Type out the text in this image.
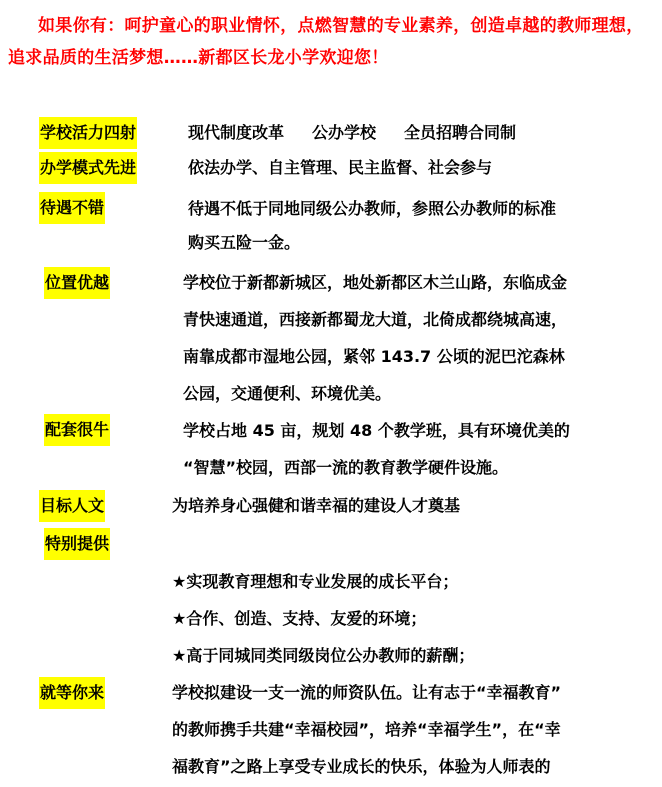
如果你有：呵护童心的职业情怀，点燃智慧的专业素养，创造卓越的教师理想，追求品质的生活梦想……新都区长龙小学欢迎您！
学校活力四射	现代制度改革 公办学校 全员招聘合同制
办学模式先进	依法办学、自主管理、民主监督、社会参与
待遇不错	待遇不低于同地同级公办教师，参照公办教师的标准
购买五险一金。
位置优越	学校位于新都新城区，地处新都区木兰山路，东临成金
青快速通道，西接新都蜀龙大道，北倚成都绕城高速，
南靠成都市湿地公园，紧邻 143.7 公顷的泥巴沱森林
公园，交通便利、环境优美。
配套很牛	学校占地 45 亩，规划 48 个教学班，具有环境优美的
“智慧”校园，西部一流的教育教学硬件设施。
目标人文	为培养身心强健和谐幸福的建设人才奠基
特别提供
★实现教育理想和专业发展的成长平台；
★合作、创造、支持、友爱的环境；
★高于同城同类同级岗位公办教师的薪酬；
就等你来	学校拟建设一支一流的师资队伍。让有志于“幸福教育”
的教师携手共建“幸福校园”，培养“幸福学生”，在“幸
福教育”之路上享受专业成长的快乐，体验为人师表的
